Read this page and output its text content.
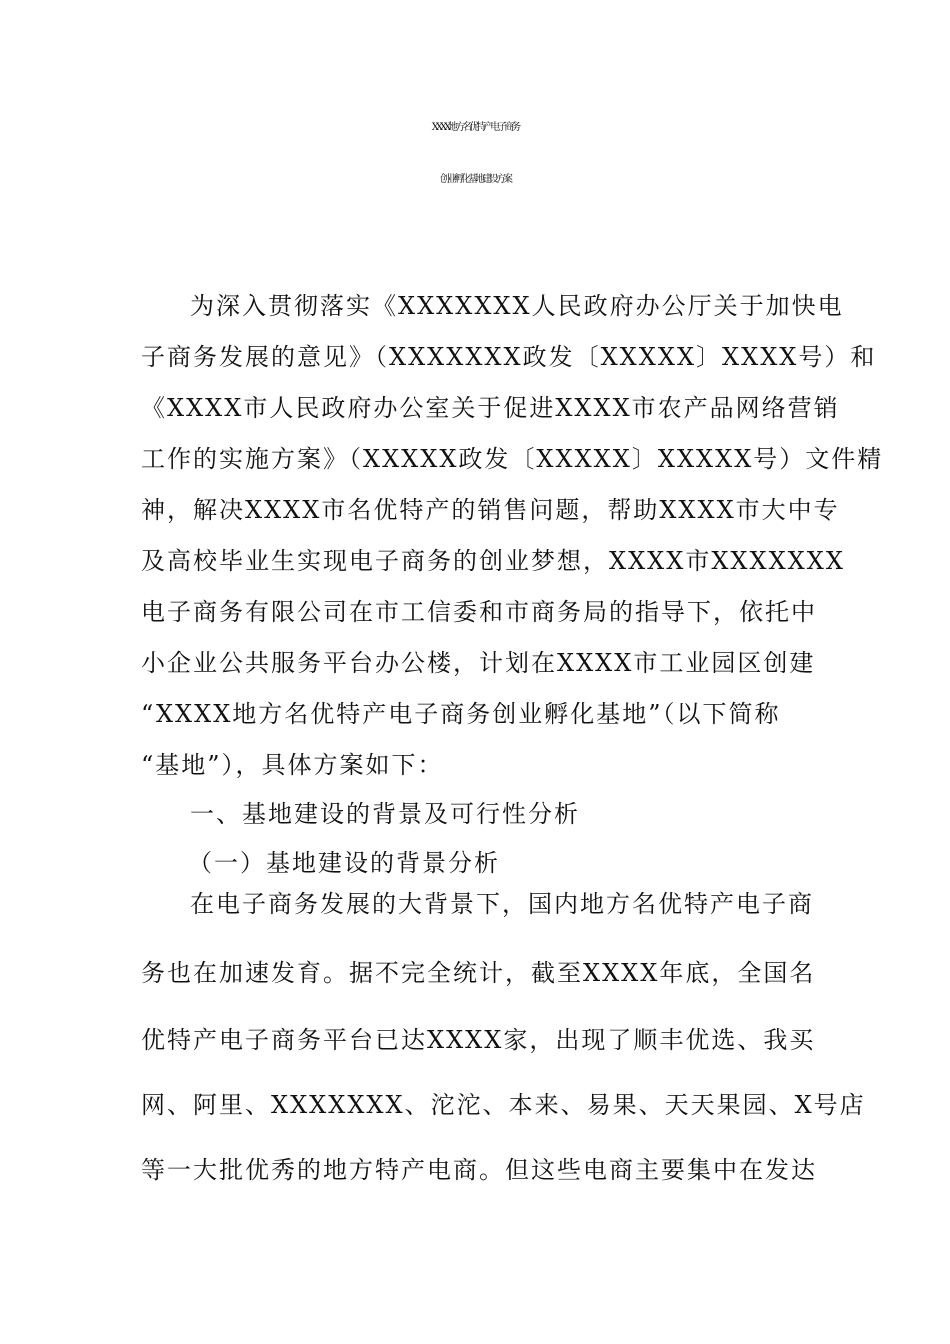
XXXX地方名优特产电子商务
创业孵化基地建设方案
为深入贯彻落实《XXXXXXX人民政府办公厅关于加快电
子商务发展的意见》（XXXXXXX政发〔XXXXX〕XXXX号）和
《XXXX市人民政府办公室关于促进XXXX市农产品网络营销
工作的实施方案》（XXXXX政发〔XXXXX〕XXXXX号）文件精
神，解决XXXX市名优特产的销售问题，帮助XXXX市大中专
及高校毕业生实现电子商务的创业梦想，XXXX市XXXXXXX
电子商务有限公司在市工信委和市商务局的指导下，依托中
小企业公共服务平台办公楼，计划在XXXX市工业园区创建
“XXXX地方名优特产电子商务创业孵化基地”（以下简称
“基地”），具体方案如下：
一、基地建设的背景及可行性分析
（一）基地建设的背景分析
在电子商务发展的大背景下，国内地方名优特产电子商
务也在加速发育。据不完全统计，截至XXXX年底，全国名
优特产电子商务平台已达XXXX家，出现了顺丰优选、我买
网、阿里、XXXXXXX、沱沱、本来、易果、天天果园、X号店
等一大批优秀的地方特产电商。但这些电商主要集中在发达
